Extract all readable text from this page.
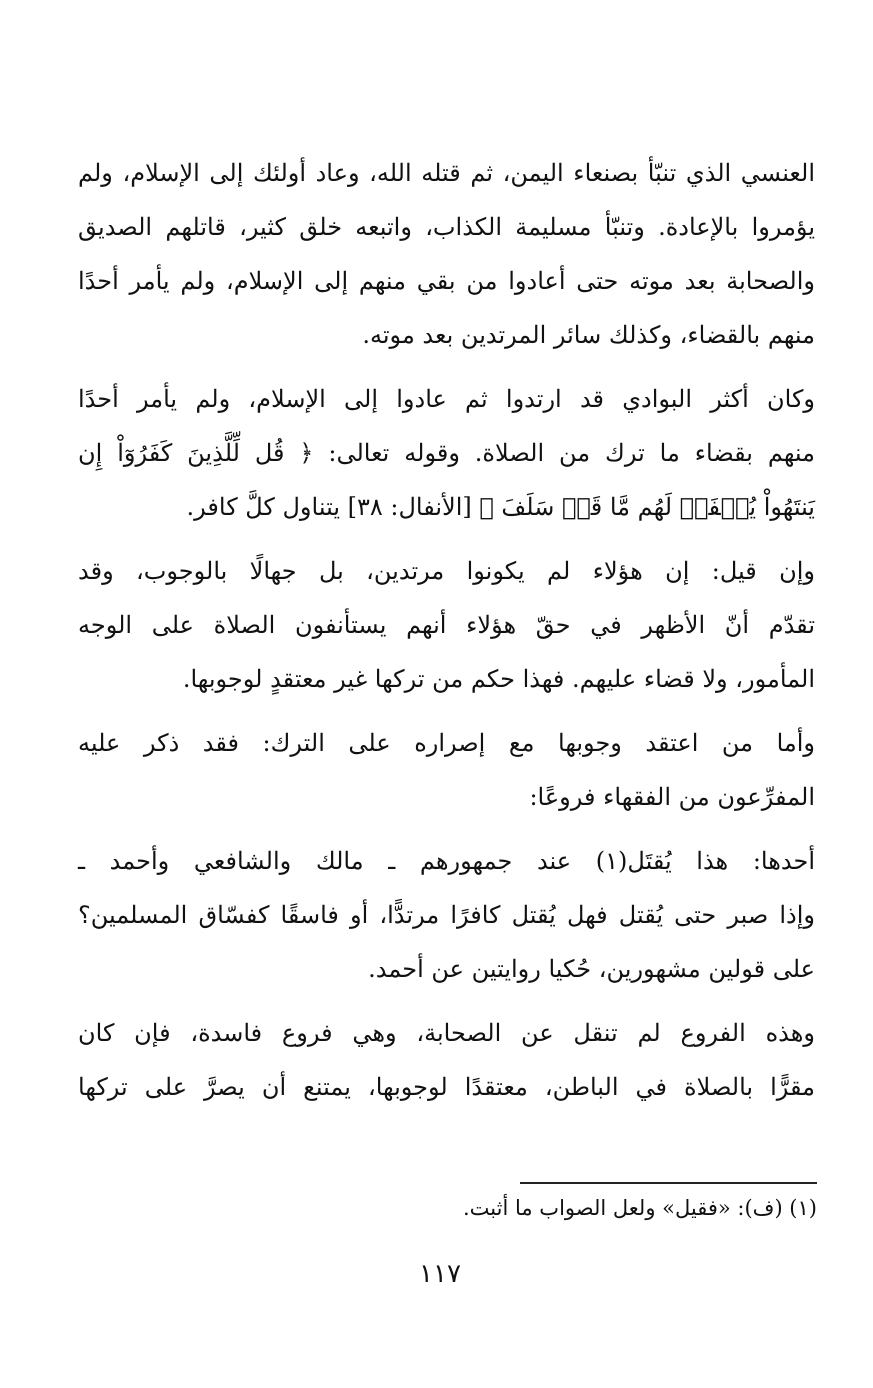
العنسي الذي تنبّأ بصنعاء اليمن، ثم قتله الله، وعاد أولئك إلى الإسلام، ولم
يؤمروا بالإعادة. وتنبّأ مسليمة الكذاب، واتبعه خلق كثير، قاتلهم الصديق
والصحابة بعد موته حتى أعادوا من بقي منهم إلى الإسلام، ولم يأمر أحدًا
منهم بالقضاء، وكذلك سائر المرتدين بعد موته.

وكان أكثر البوادي قد ارتدوا ثم عادوا إلى الإسلام، ولم يأمر أحدًا
منهم بقضاء ما ترك من الصلاة. وقوله تعالى: ﴿ قُل لِّلَّذِينَ كَفَرُوٓاْ إِن
يَنتَهُواْ يُغۡفَرۡ لَهُم مَّا قَدۡ سَلَفَ ﴾ [الأنفال: ٣٨] يتناول كلَّ كافر.

وإن قيل: إن هؤلاء لم يكونوا مرتدين، بل جهالًا بالوجوب، وقد
تقدّم أنّ الأظهر في حقّ هؤلاء أنهم يستأنفون الصلاة على الوجه
المأمور، ولا قضاء عليهم. فهذا حكم من تركها غير معتقدٍ لوجوبها.

وأما من اعتقد وجوبها مع إصراره على الترك: فقد ذكر عليه
المفرِّعون من الفقهاء فروعًا:

أحدها: هذا يُقتَل(١) عند جمهورهم ـ مالك والشافعي وأحمد ـ
وإذا صبر حتى يُقتل فهل يُقتل كافرًا مرتدًّا، أو فاسقًا كفسّاق المسلمين؟
على قولين مشهورين، حُكيا روايتين عن أحمد.

وهذه الفروع لم تنقل عن الصحابة، وهي فروع فاسدة، فإن كان
مقرًّا بالصلاة في الباطن، معتقدًا لوجوبها، يمتنع أن يصرَّ على تركها

(١) (ف): «فقيل» ولعل الصواب ما أثبت.
١١٧
